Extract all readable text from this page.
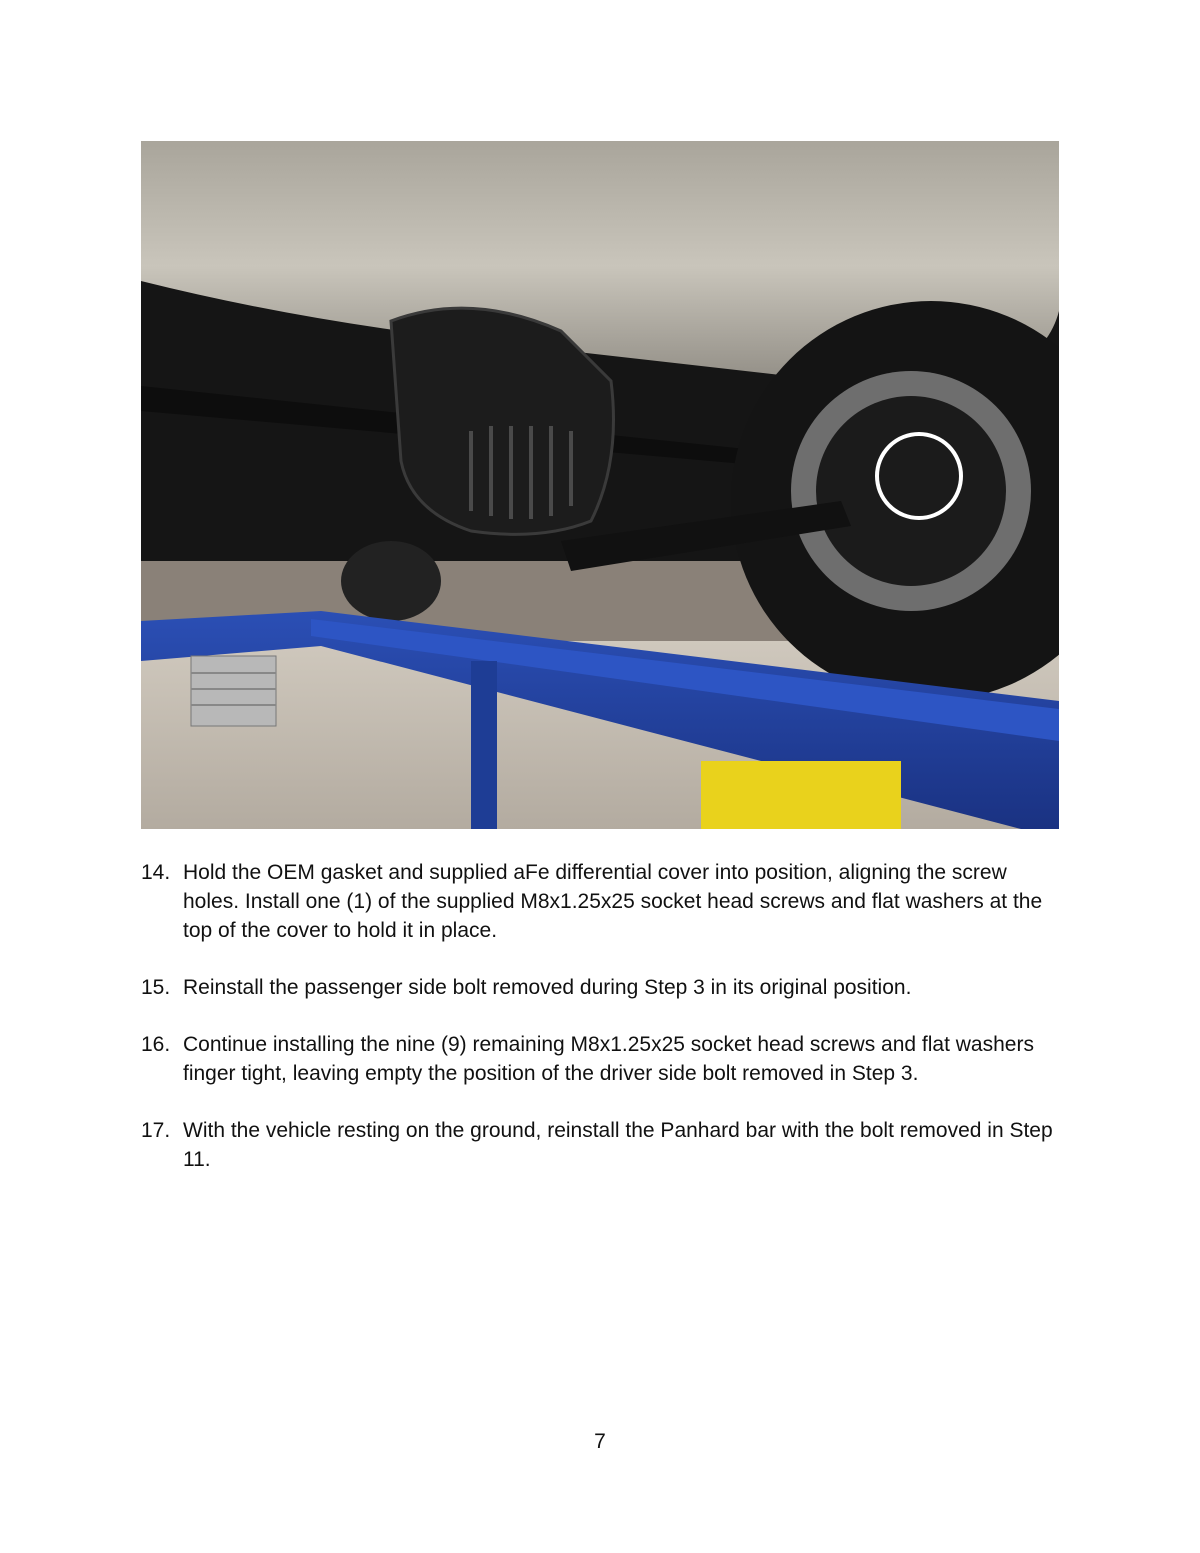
14. Hold the OEM gasket and supplied aFe differential cover into position, aligning the screw holes. Install one (1) of the supplied M8x1.25x25 socket head screws and flat washers at the top of the cover to hold it in place.
15. Reinstall the passenger side bolt removed during Step 3 in its original position.
16. Continue installing the nine (9) remaining M8x1.25x25 socket head screws and flat washers finger tight, leaving empty the position of the driver side bolt removed in Step 3.
17. With the vehicle resting on the ground, reinstall the Panhard bar with the bolt removed in Step 11.
7
